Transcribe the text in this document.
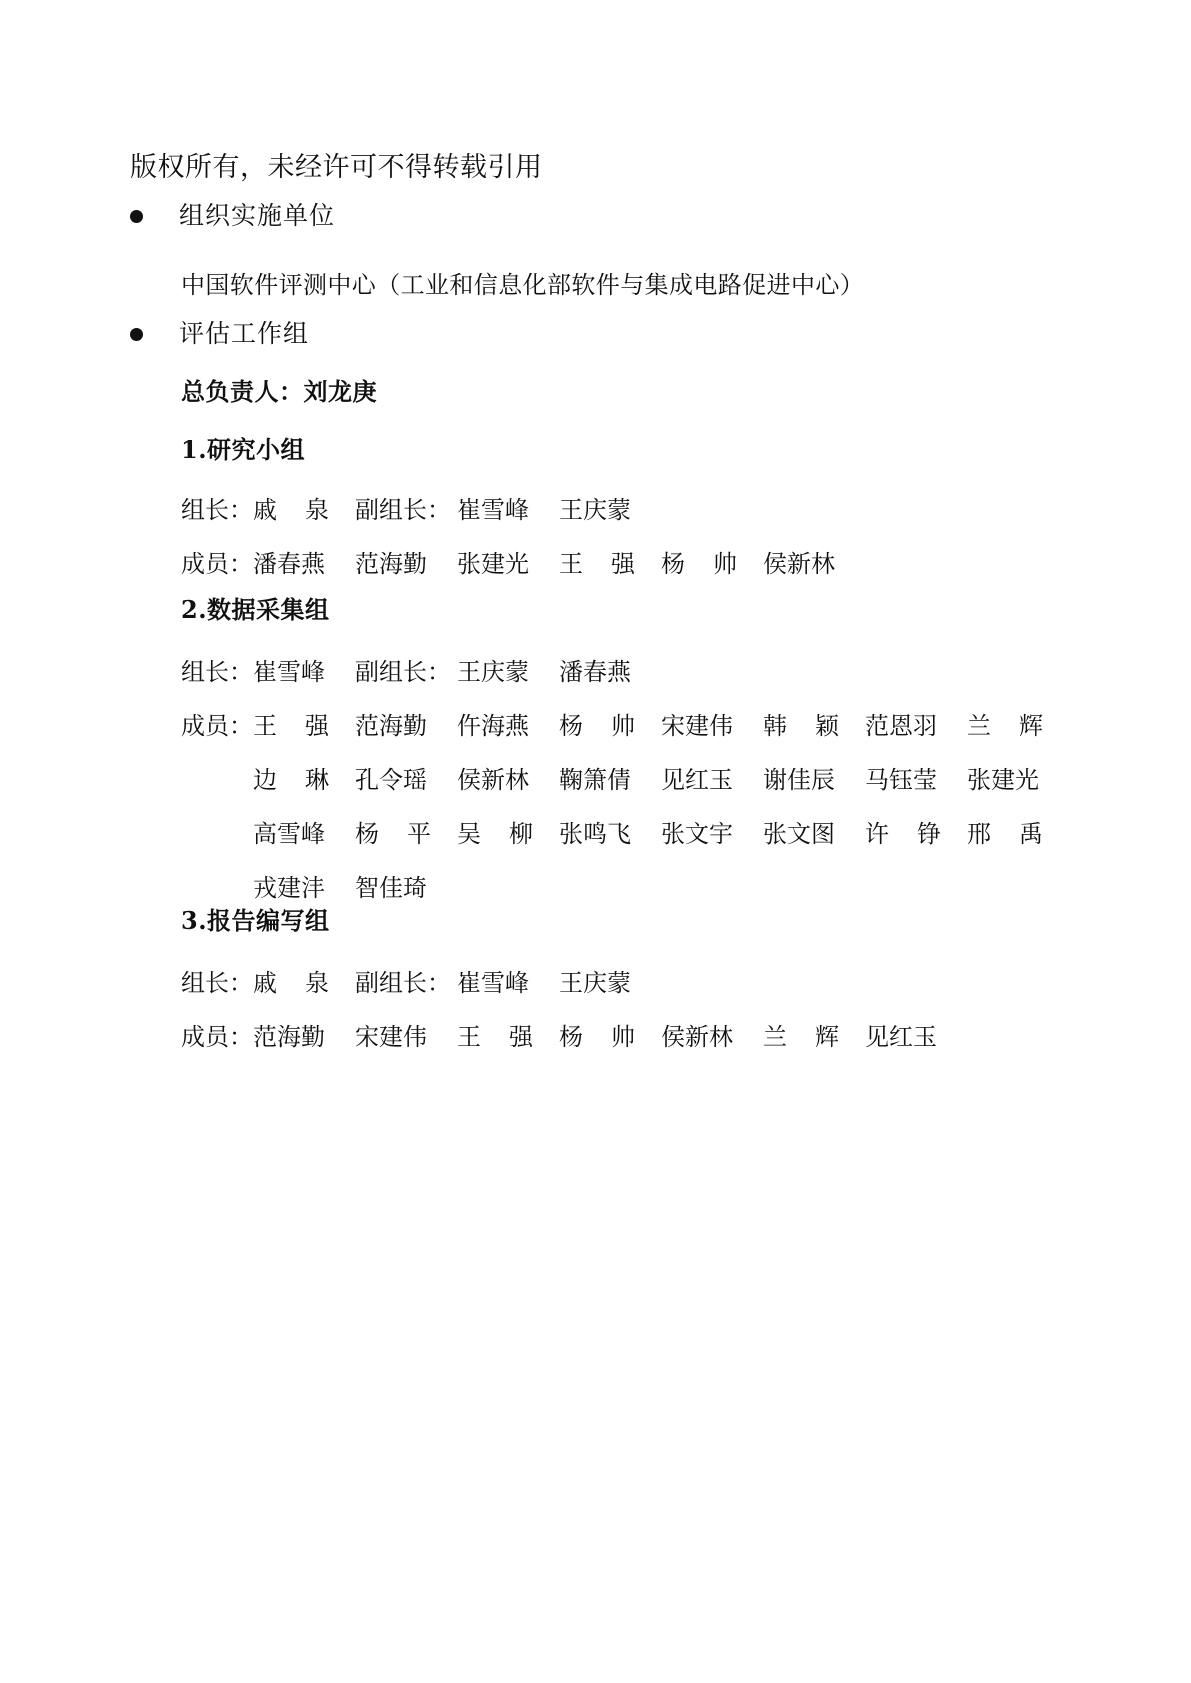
版权所有，未经许可不得转载引用
组织实施单位
中国软件评测中心（工业和信息化部软件与集成电路促进中心）
评估工作组
总负责人：刘龙庚
1.研究小组
组长： 戚 泉 副组长： 崔雪峰 王庆蒙
成员： 潘春燕 范海勤 张建光 王 强 杨 帅 侯新林
2.数据采集组
组长： 崔雪峰 副组长： 王庆蒙 潘春燕
成员： 王 强 范海勤 仵海燕 杨 帅 宋建伟 韩 颖 范恩羽 兰 辉
边 琳 孔令瑶 侯新林 鞠箫倩 见红玉 谢佳辰 马钰莹 张建光
高雪峰 杨 平 吴 柳 张鸣飞 张文宇 张文图 许 铮 邢 禹
戎建沣 智佳琦
3.报告编写组
组长： 戚 泉 副组长： 崔雪峰 王庆蒙
成员： 范海勤 宋建伟 王 强 杨 帅 侯新林 兰 辉 见红玉
